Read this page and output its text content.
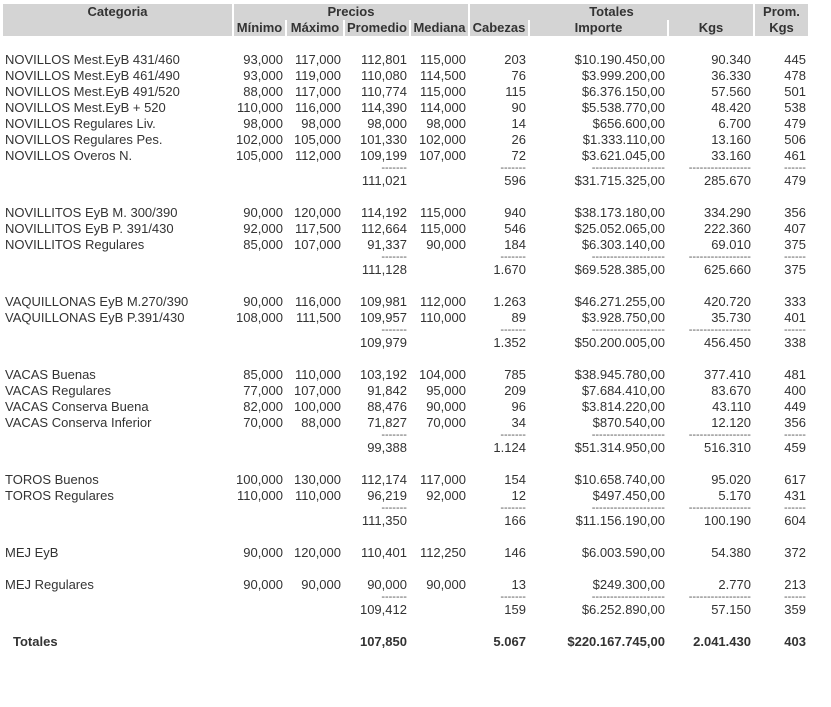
Categoria	Precios				Totales			Prom.
	Mínimo	Máximo	Promedio	Mediana	Cabezas	Importe	Kgs	Kgs

NOVILLOS Mest.EyB 431/460	93,000	117,000	112,801	115,000	203	$10.190.450,00	90.340	445
NOVILLOS Mest.EyB 461/490	93,000	119,000	110,080	114,500	76	$3.999.200,00	36.330	478
NOVILLOS Mest.EyB 491/520	88,000	117,000	110,774	115,000	115	$6.376.150,00	57.560	501
NOVILLOS Mest.EyB + 520	110,000	116,000	114,390	114,000	90	$5.538.770,00	48.420	538
NOVILLOS Regulares Liv.	98,000	98,000	98,000	98,000	14	$656.600,00	6.700	479
NOVILLOS Regulares Pes.	102,000	105,000	101,330	102,000	26	$1.333.110,00	13.160	506
NOVILLOS Overos N.	105,000	112,000	109,199	107,000	72	$3.621.045,00	33.160	461
			-------		-------	--------------------	-----------------	------
			111,021		596	$31.715.325,00	285.670	479

NOVILLITOS EyB M. 300/390	90,000	120,000	114,192	115,000	940	$38.173.180,00	334.290	356
NOVILLITOS EyB P. 391/430	92,000	117,500	112,664	115,000	546	$25.052.065,00	222.360	407
NOVILLITOS Regulares	85,000	107,000	91,337	90,000	184	$6.303.140,00	69.010	375
			-------		-------	--------------------	-----------------	------
			111,128		1.670	$69.528.385,00	625.660	375

VAQUILLONAS EyB M.270/390	90,000	116,000	109,981	112,000	1.263	$46.271.255,00	420.720	333
VAQUILLONAS EyB P.391/430	108,000	111,500	109,957	110,000	89	$3.928.750,00	35.730	401
			-------		-------	--------------------	-----------------	------
			109,979		1.352	$50.200.005,00	456.450	338

VACAS Buenas	85,000	110,000	103,192	104,000	785	$38.945.780,00	377.410	481
VACAS Regulares	77,000	107,000	91,842	95,000	209	$7.684.410,00	83.670	400
VACAS Conserva Buena	82,000	100,000	88,476	90,000	96	$3.814.220,00	43.110	449
VACAS Conserva Inferior	70,000	88,000	71,827	70,000	34	$870.540,00	12.120	356
			-------		-------	--------------------	-----------------	------
			99,388		1.124	$51.314.950,00	516.310	459

TOROS Buenos	100,000	130,000	112,174	117,000	154	$10.658.740,00	95.020	617
TOROS Regulares	110,000	110,000	96,219	92,000	12	$497.450,00	5.170	431
			-------		-------	--------------------	-----------------	------
			111,350		166	$11.156.190,00	100.190	604

MEJ EyB	90,000	120,000	110,401	112,250	146	$6.003.590,00	54.380	372

MEJ Regulares	90,000	90,000	90,000	90,000	13	$249.300,00	2.770	213
			-------		-------	--------------------	-----------------	------
			109,412		159	$6.252.890,00	57.150	359

Totales			107,850		5.067	$220.167.745,00	2.041.430	403
